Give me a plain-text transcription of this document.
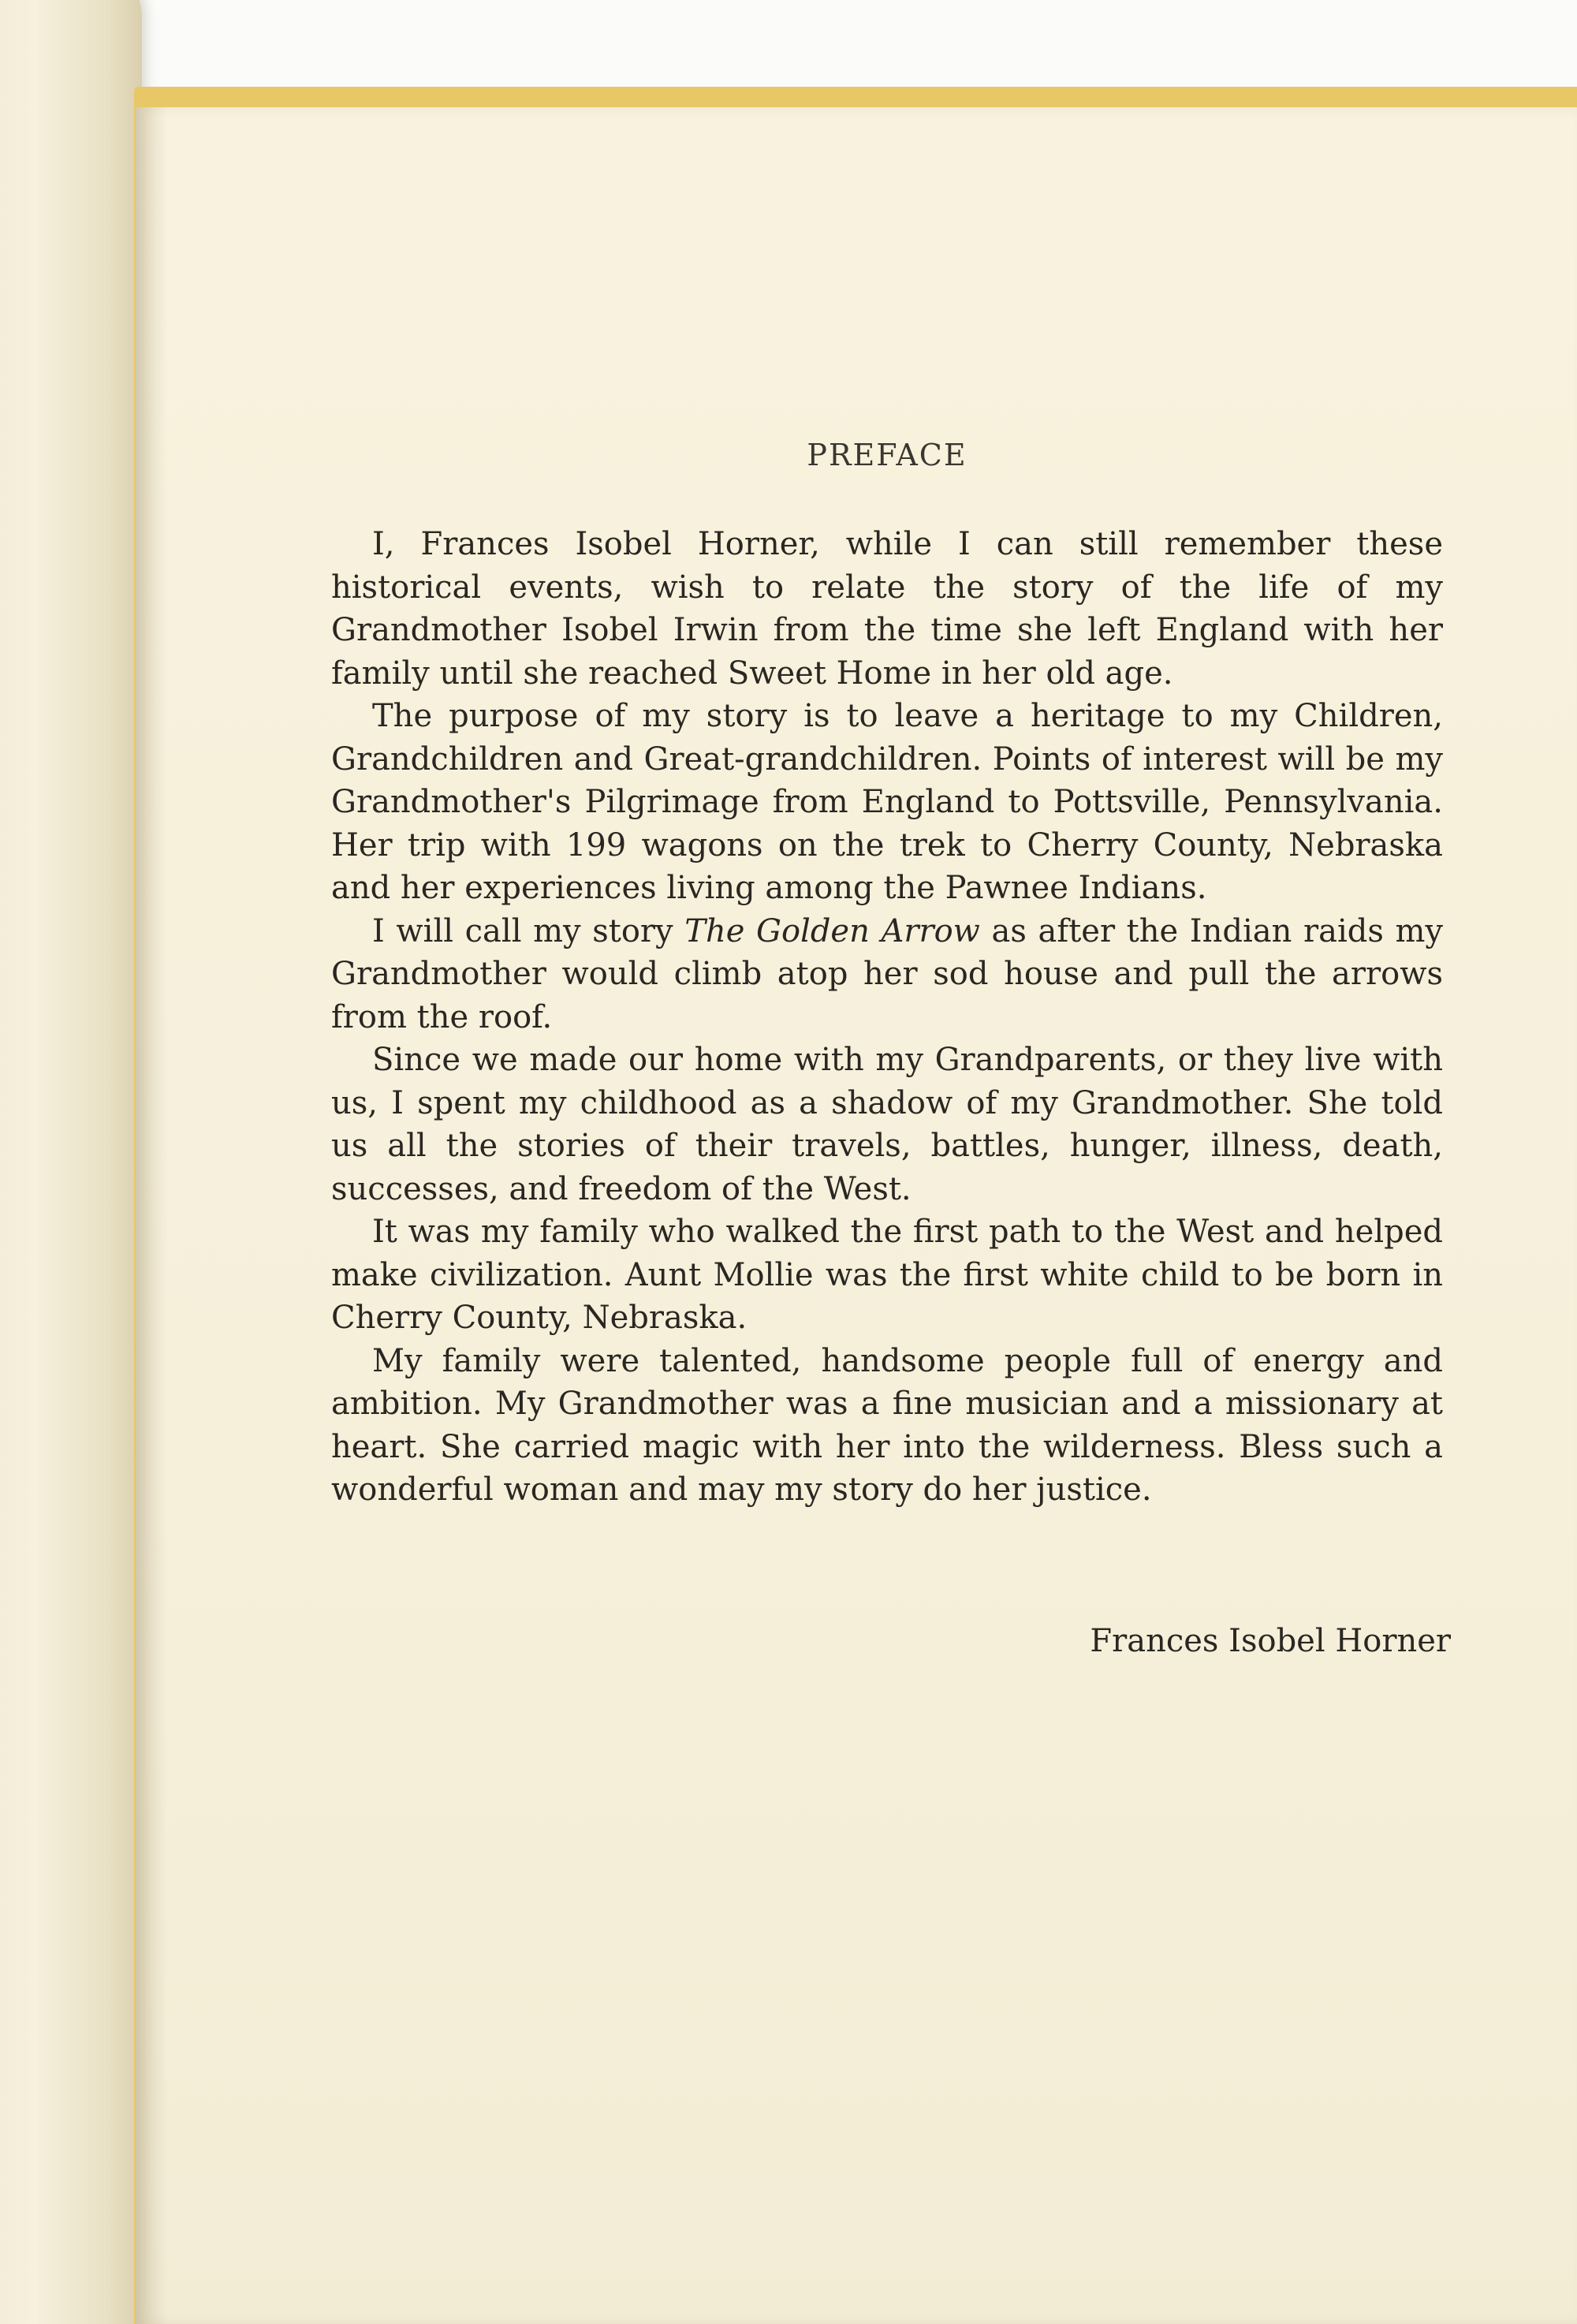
PREFACE

I, Frances Isobel Horner, while I can still remember these historical events, wish to relate the story of the life of my Grandmother Isobel Irwin from the time she left England with her family until she reached Sweet Home in her old age.

The purpose of my story is to leave a heritage to my Children, Grandchildren and Great-grandchildren. Points of interest will be my Grandmother's Pilgrimage from England to Pottsville, Pennsylvania. Her trip with 199 wagons on the trek to Cherry County, Nebraska and her experiences living among the Pawnee Indians.

I will call my story The Golden Arrow as after the Indian raids my Grandmother would climb atop her sod house and pull the arrows from the roof.

Since we made our home with my Grandparents, or they live with us, I spent my childhood as a shadow of my Grandmother. She told us all the stories of their travels, battles, hunger, illness, death, successes, and freedom of the West.

It was my family who walked the first path to the West and helped make civilization. Aunt Mollie was the first white child to be born in Cherry County, Nebraska.

My family were talented, handsome people full of energy and ambition. My Grandmother was a fine musician and a missionary at heart. She carried magic with her into the wilderness. Bless such a wonderful woman and may my story do her justice.

Frances Isobel Horner
